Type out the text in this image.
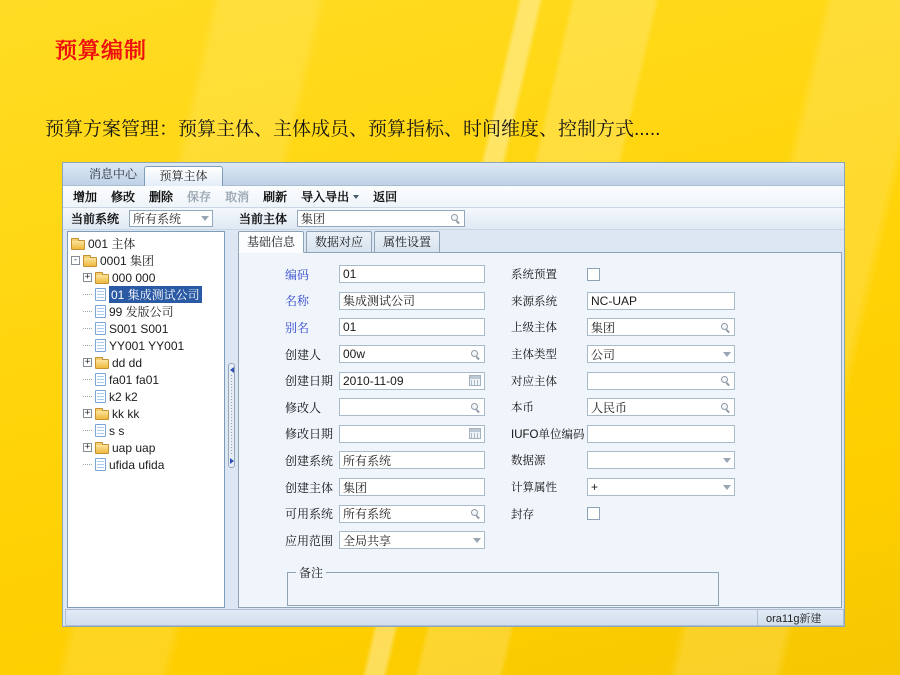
预算编制
预算方案管理：预算主体、主体成员、预算指标、时间维度、控制方式.....
消息中心	预算主体
增加 修改 删除 保存 取消 刷新 导入导出 返回
当前系统 所有系统	当前主体 集团
001 主体
- 0001 集团
+ 000 000
01 集成测试公司
99 发版公司
S001 S001
YY001 YY001
+ dd dd
fa01 fa01
k2 k2
+ kk kk
s s
+ uap uap
ufida ufida
基础信息	数据对应	属性设置
编码	01
名称	集成测试公司
别名	01
创建人	00w
创建日期 2010-11-09
修改人
修改日期
创建系统 所有系统
创建主体 集团
可用系统 所有系统
应用范围 全局共享
系统预置
来源系统	NC-UAP
上级主体	集团
主体类型	公司
对应主体
本币	人民币
IUFO单位编码
数据源
计算属性	+
封存
备注
ora11g新建
